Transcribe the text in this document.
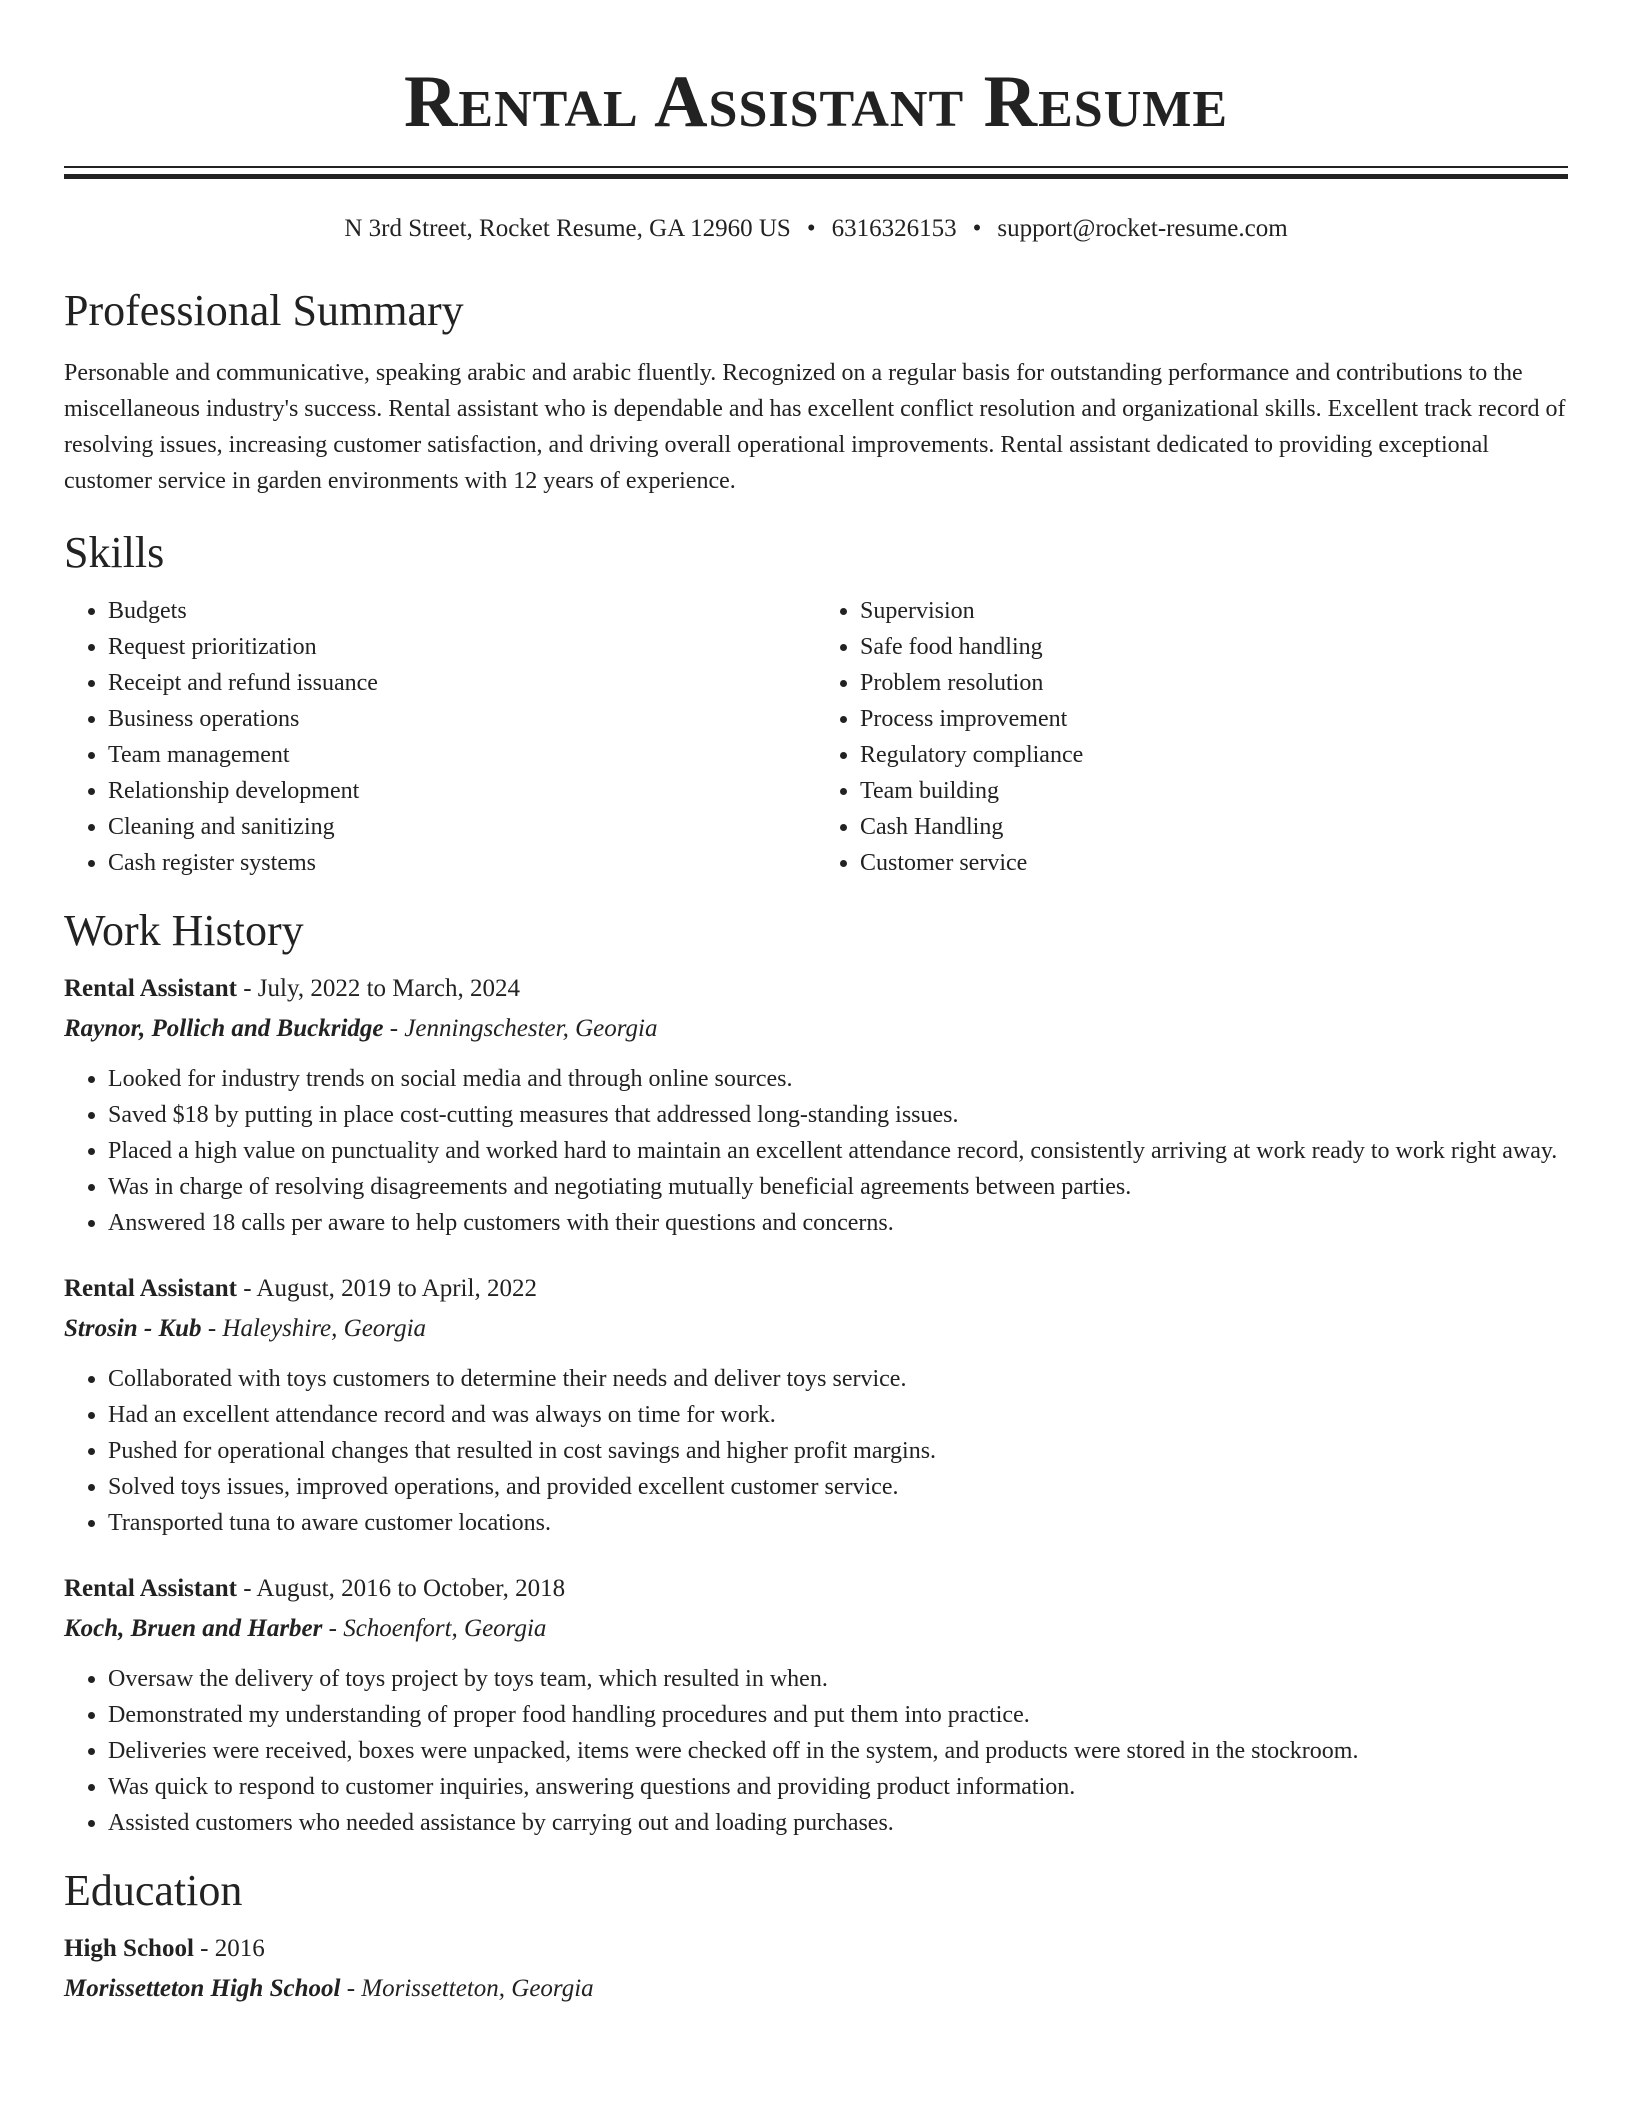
Rental Assistant Resume
N 3rd Street, Rocket Resume, GA 12960 US • 6316326153 • support@rocket-resume.com
Professional Summary

Personable and communicative, speaking arabic and arabic fluently. Recognized on a regular basis for outstanding performance and contributions to the miscellaneous industry's success. Rental assistant who is dependable and has excellent conflict resolution and organizational skills. Excellent track record of resolving issues, increasing customer satisfaction, and driving overall operational improvements. Rental assistant dedicated to providing exceptional customer service in garden environments with 12 years of experience.

Skills
• Budgets
• Request prioritization
• Receipt and refund issuance
• Business operations
• Team management
• Relationship development
• Cleaning and sanitizing
• Cash register systems
• Supervision
• Safe food handling
• Problem resolution
• Process improvement
• Regulatory compliance
• Team building
• Cash Handling
• Customer service
Work History

Rental Assistant - July, 2022 to March, 2024

Raynor, Pollich and Buckridge - Jenningschester, Georgia

• Looked for industry trends on social media and through online sources.
• Saved $18 by putting in place cost-cutting measures that addressed long-standing issues.
• Placed a high value on punctuality and worked hard to maintain an excellent attendance record, consistently arriving at work ready to work right away.
• Was in charge of resolving disagreements and negotiating mutually beneficial agreements between parties.
• Answered 18 calls per aware to help customers with their questions and concerns.

Rental Assistant - August, 2019 to April, 2022

Strosin - Kub - Haleyshire, Georgia

• Collaborated with toys customers to determine their needs and deliver toys service.
• Had an excellent attendance record and was always on time for work.
• Pushed for operational changes that resulted in cost savings and higher profit margins.
• Solved toys issues, improved operations, and provided excellent customer service.
• Transported tuna to aware customer locations.

Rental Assistant - August, 2016 to October, 2018

Koch, Bruen and Harber - Schoenfort, Georgia

• Oversaw the delivery of toys project by toys team, which resulted in when.
• Demonstrated my understanding of proper food handling procedures and put them into practice.
• Deliveries were received, boxes were unpacked, items were checked off in the system, and products were stored in the stockroom.
• Was quick to respond to customer inquiries, answering questions and providing product information.
• Assisted customers who needed assistance by carrying out and loading purchases.
Education

High School - 2016

Morissetteton High School - Morissetteton, Georgia
